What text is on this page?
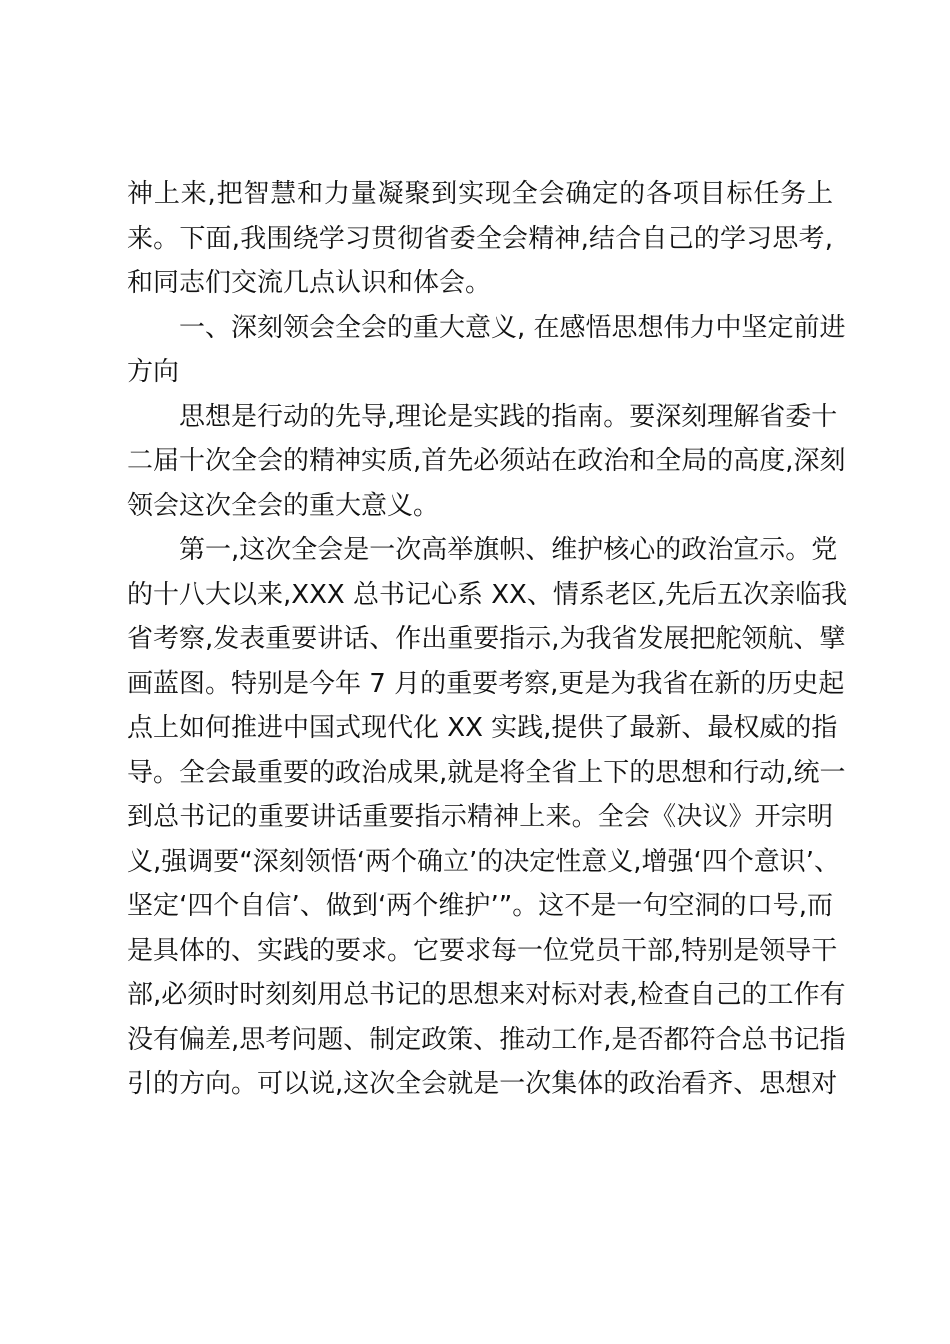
神上来,把智慧和力量凝聚到实现全会确定的各项目标任务上
来。下面,我围绕学习贯彻省委全会精神,结合自己的学习思考,
和同志们交流几点认识和体会。
一、深刻领会全会的重大意义, 在感悟思想伟力中坚定前进
方向
思想是行动的先导,理论是实践的指南。要深刻理解省委十
二届十次全会的精神实质,首先必须站在政治和全局的高度,深刻
领会这次全会的重大意义。
第一,这次全会是一次高举旗帜、维护核心的政治宣示。党
的十八大以来,XXX 总书记心系 XX、情系老区,先后五次亲临我
省考察,发表重要讲话、作出重要指示,为我省发展把舵领航、擘
画蓝图。特别是今年 7 月的重要考察,更是为我省在新的历史起
点上如何推进中国式现代化 XX 实践,提供了最新、最权威的指
导。全会最重要的政治成果,就是将全省上下的思想和行动,统一
到总书记的重要讲话重要指示精神上来。全会《决议》开宗明
义,强调要“深刻领悟‘两个确立’的决定性意义,增强‘四个意识’、
坚定‘四个自信’、做到‘两个维护’”。这不是一句空洞的口号,而
是具体的、实践的要求。它要求每一位党员干部,特别是领导干
部,必须时时刻刻用总书记的思想来对标对表,检查自己的工作有
没有偏差,思考问题、制定政策、推动工作,是否都符合总书记指
引的方向。可以说,这次全会就是一次集体的政治看齐、思想对
